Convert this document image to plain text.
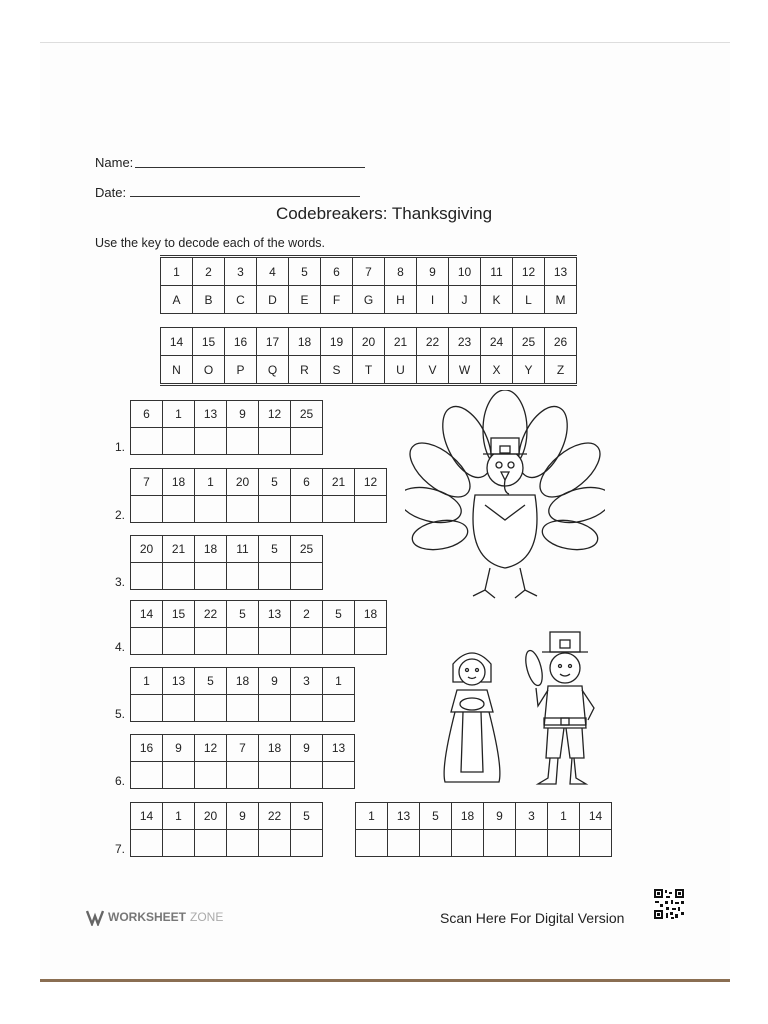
Name:
Date:
Codebreakers: Thanksgiving
Use the key to decode each of the words.
1	2	3	4	5	6	7	8	9	10	11	12	13
A	B	C	D	E	F	G	H	I	J	K	L	M
14	15	16	17	18	19	20	21	22	23	24	25	26
N	O	P	Q	R	S	T	U	V	W	X	Y	Z
1.
6	1	13	9	12	25

2.
7	18	1	20	5	6	21	12

3.
20	21	18	11	5	25

4.
14	15	22	5	13	2	5	18

5.
1	13	5	18	9	3	1

6.
16	9	12	7	18	9	13

7.
14	1	20	9	22	5
						1	13	5	18	9	3	1	14

WORKSHEET ZONE	Scan Here For Digital Version
